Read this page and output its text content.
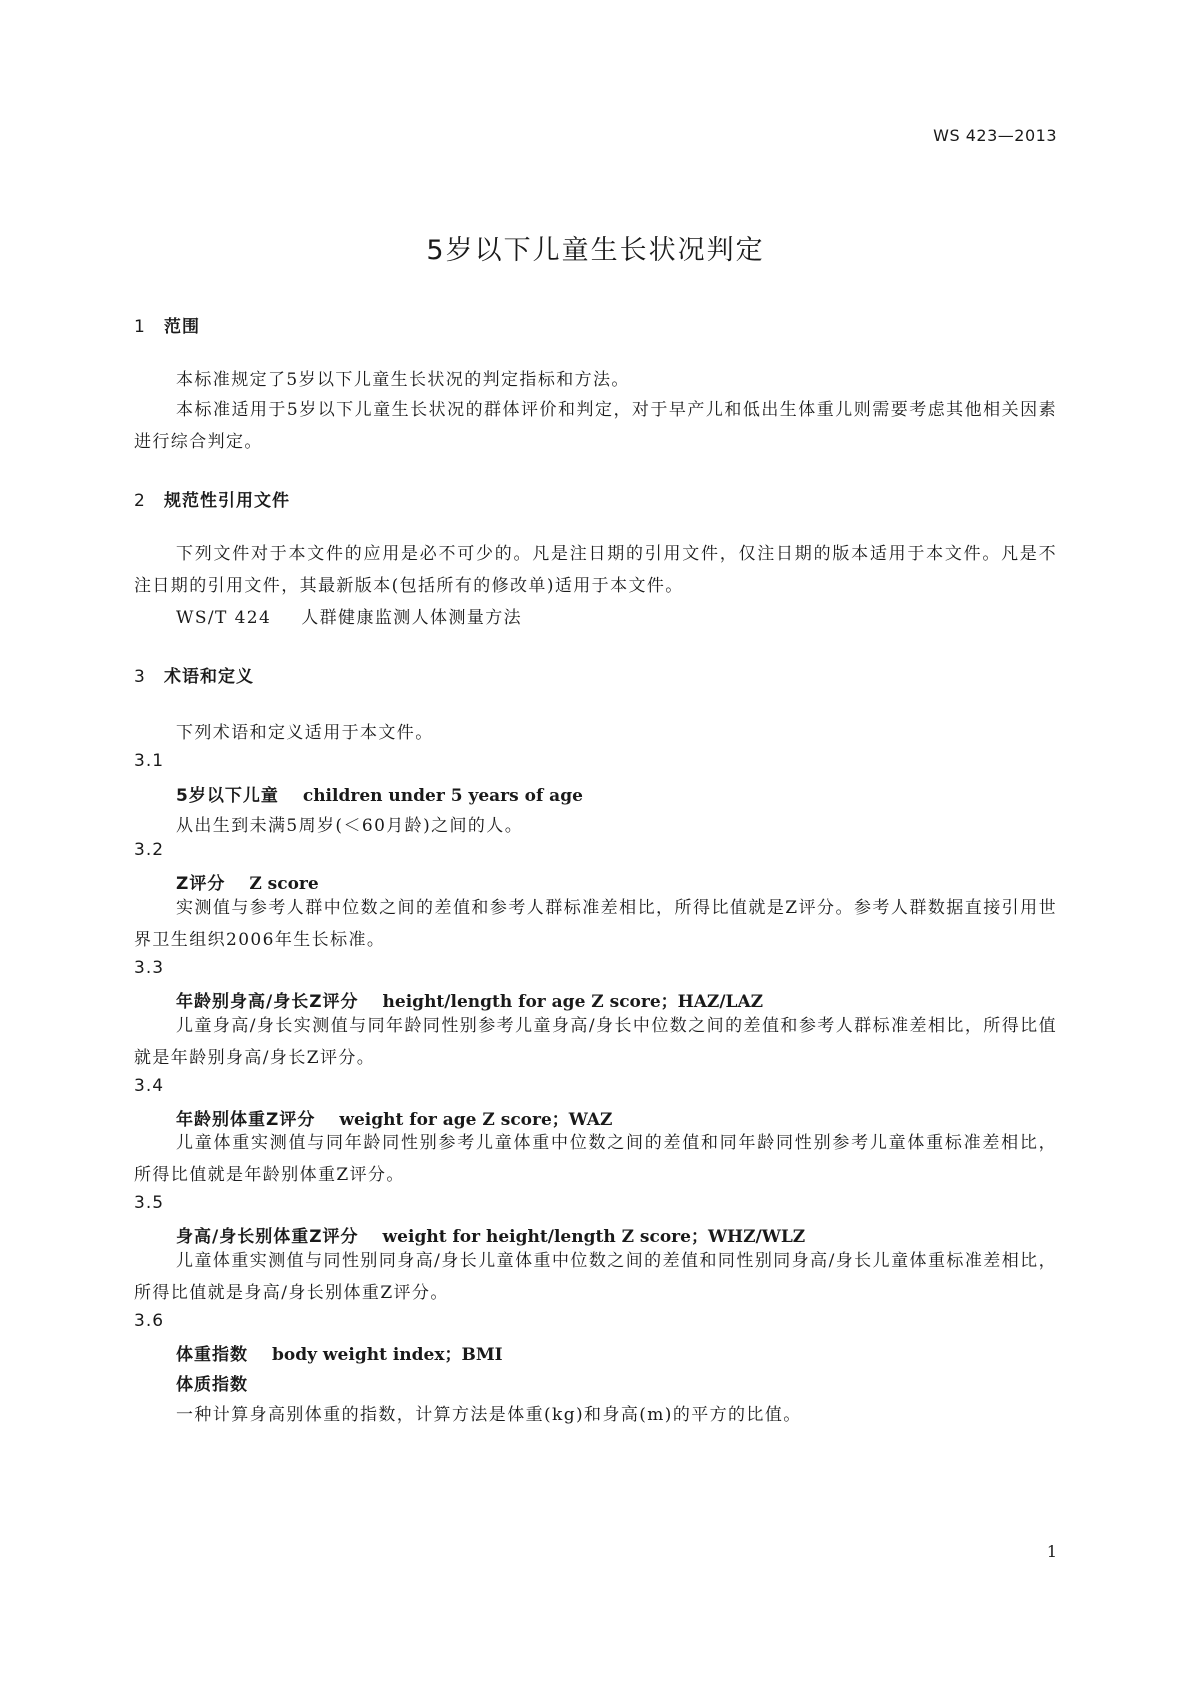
WS 423—2013
5岁以下儿童生长状况判定
1 范围
本标准规定了5岁以下儿童生长状况的判定指标和方法。
本标准适用于5岁以下儿童生长状况的群体评价和判定，对于早产儿和低出生体重儿则需要考虑其他相关因素进行综合判定。
2 规范性引用文件
下列文件对于本文件的应用是必不可少的。凡是注日期的引用文件，仅注日期的版本适用于本文件。凡是不注日期的引用文件，其最新版本(包括所有的修改单)适用于本文件。
WS/T 424 人群健康监测人体测量方法
3 术语和定义
下列术语和定义适用于本文件。
3.1
5岁以下儿童 children under 5 years of age
从出生到未满5周岁(＜60月龄)之间的人。
3.2
Z评分 Z score
实测值与参考人群中位数之间的差值和参考人群标准差相比，所得比值就是Z评分。参考人群数据直接引用世界卫生组织2006年生长标准。
3.3
年龄别身高/身长Z评分 height/length for age Z score；HAZ/LAZ
儿童身高/身长实测值与同年龄同性别参考儿童身高/身长中位数之间的差值和参考人群标准差相比，所得比值就是年龄别身高/身长Z评分。
3.4
年龄别体重Z评分 weight for age Z score；WAZ
儿童体重实测值与同年龄同性别参考儿童体重中位数之间的差值和同年龄同性别参考儿童体重标准差相比，所得比值就是年龄别体重Z评分。
3.5
身高/身长别体重Z评分 weight for height/length Z score；WHZ/WLZ
儿童体重实测值与同性别同身高/身长儿童体重中位数之间的差值和同性别同身高/身长儿童体重标准差相比，所得比值就是身高/身长别体重Z评分。
3.6
体重指数 body weight index；BMI
体质指数
一种计算身高别体重的指数，计算方法是体重(kg)和身高(m)的平方的比值。
1
